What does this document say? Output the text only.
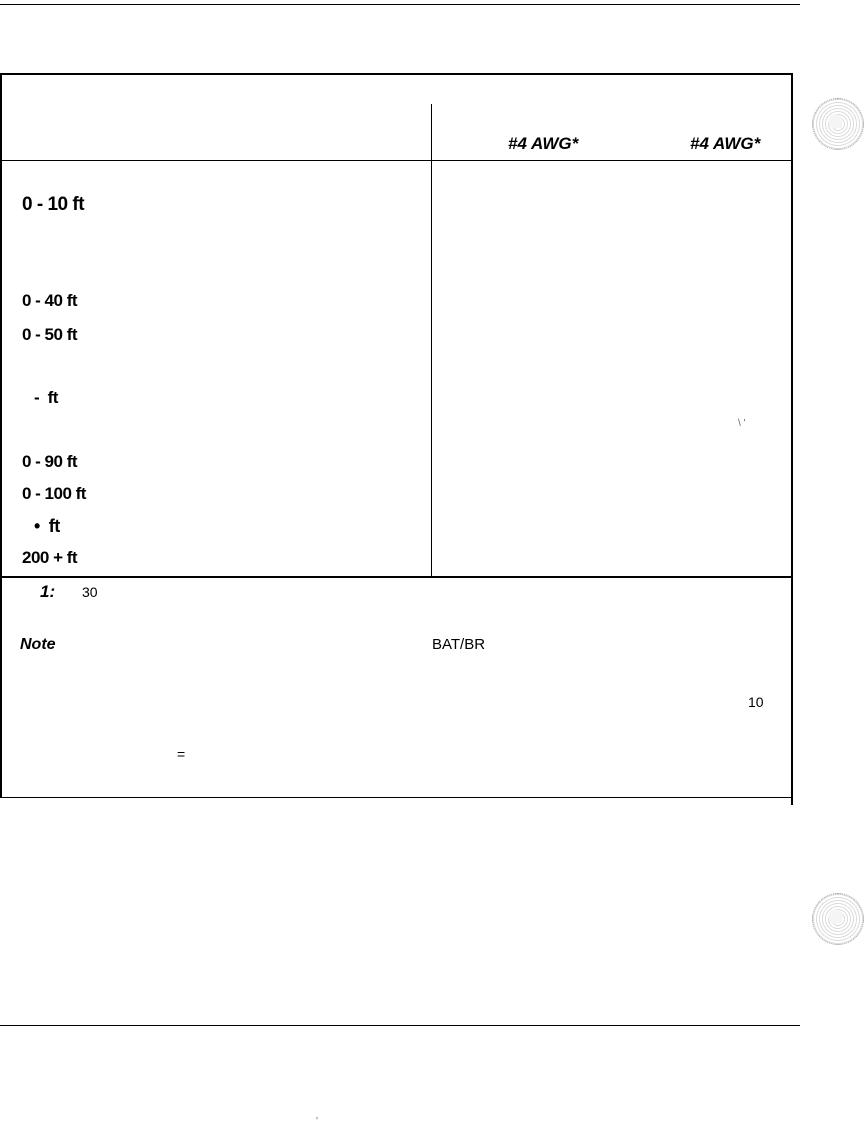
#4 AWG*	#4 AWG*
0 - 10 ft
0 - 40 ft
0 - 50 ft
-  ft
0 - 90 ft
0 - 100 ft
•  ft
200 + ft
1: 30
Note	BAT/BR
10
=
\ '
'
